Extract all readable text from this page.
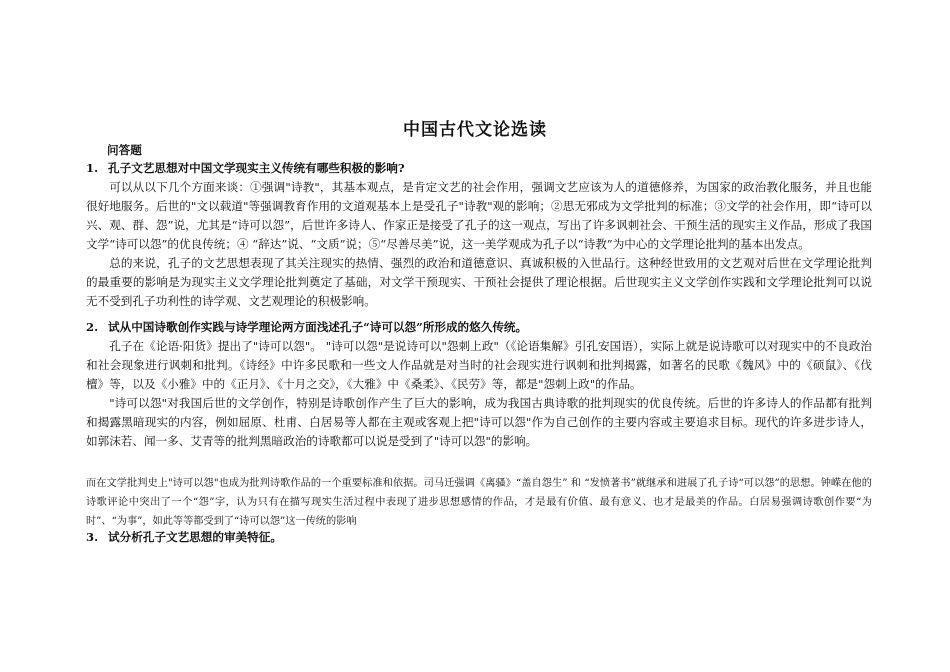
中国古代文论选读
问答题
1. 孔子文艺思想对中国文学现实主义传统有哪些积极的影响?

可以从以下几个方面来谈：①强调"诗教"，其基本观点，是肯定文艺的社会作用，强调文艺应该为人的道德修养，为国家的政治教化服务，并且也能很好地服务。后世的"文以载道"等强调教育作用的文道观基本上是受孔子"诗教"观的影响；②思无邪成为文学批判的标准；③文学的社会作用，即“诗可以兴、观、群、怨”说，尤其是“诗可以怨”，后世许多诗人、作家正是接受了孔子的这一观点，写出了许多讽刺社会、干预生活的现实主义作品，形成了我国文学“诗可以怨”的优良传统；④ “辞达”说、“文质”说；⑤“尽善尽美”说，这一美学观成为孔子以“诗教”为中心的文学理论批判的基本出发点。

总的来说，孔子的文艺思想表现了其关注现实的热情、强烈的政治和道德意识、真诚积极的入世品行。这种经世致用的文艺观对后世在文学理论批判的最重要的影响是为现实主义文学理论批判奠定了基础，对文学干预现实、干预社会提供了理论根据。后世现实主义文学创作实践和文学理论批判可以说无不受到孔子功利性的诗学观、文艺观理论的积极影响。

2. 试从中国诗歌创作实践与诗学理论两方面浅述孔子“诗可以怨”所形成的悠久传统。

孔子在《论语·阳货》提出了"诗可以怨"。 "诗可以怨"是说诗可以"怨刺上政"（《论语集解》引孔安国语），实际上就是说诗歌可以对现实中的不良政治和社会现象进行讽刺和批判。《诗经》中许多民歌和一些文人作品就是对当时的社会现实进行讽刺和批判揭露，如著名的民歌《魏风》中的《硕鼠》、《伐檀》等，以及《小雅》中的《正月》、《十月之交》，《大雅》中《桑柔》、《民劳》等，都是"怨刺上政"的作品。

"诗可以怨"对我国后世的文学创作，特别是诗歌创作产生了巨大的影响，成为我国古典诗歌的批判现实的优良传统。后世的许多诗人的作品都有批判和揭露黑暗现实的内容，例如屈原、杜甫、白居易等人都在主观或客观上把"诗可以怨"作为自己创作的主要内容或主要追求目标。现代的许多进步诗人，如郭沫若、闻一多、艾青等的批判黑暗政治的诗歌都可以说是受到了"诗可以怨"的影响。

而在文学批判史上"诗可以怨"也成为批判诗歌作品的一个重要标准和依据。司马迁强调《离骚》“盖自怨生” 和 “发愤著书”就继承和进展了孔子诗“可以怨”的思想。钟嵘在他的诗歌评论中突出了一个“怨”字，认为只有在描写现实生活过程中表现了进步思想感情的作品，才是最有价值、最有意义、也才是最美的作品。白居易强调诗歌创作要“为时”、“为事”，如此等等都受到了“诗可以怨”这一传统的影响
3. 试分析孔子文艺思想的审美特征。
